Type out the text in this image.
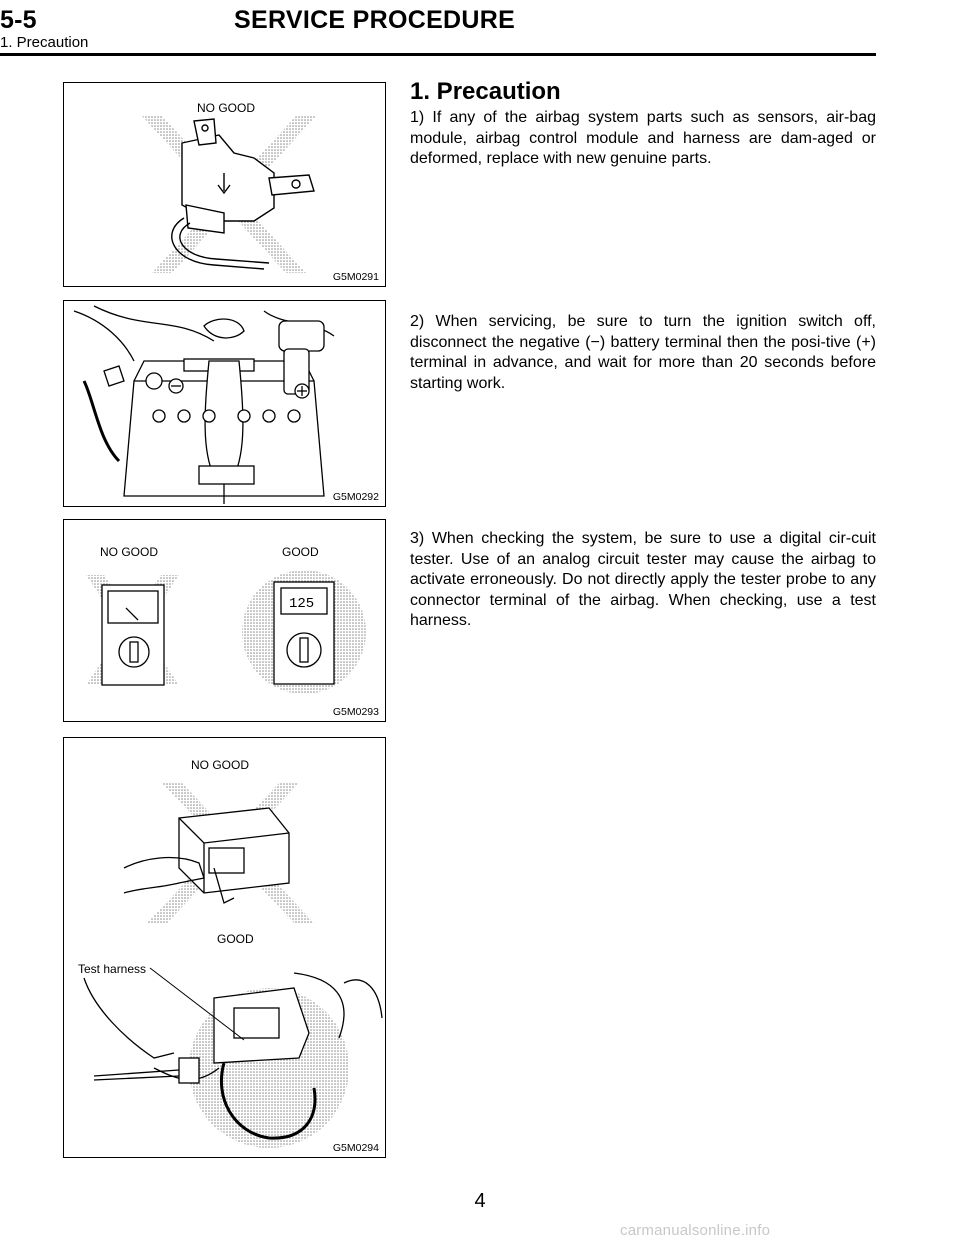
5-5	SERVICE PROCEDURE
1. Precaution
NO GOOD
G5M0291
G5M0292
125
NO GOOD	GOOD
G5M0293
NO GOOD
GOOD
Test harness
G5M0294
1. Precaution

1) If any of the airbag system parts such as sensors, air-bag module, airbag control module and harness are dam-aged or deformed, replace with new genuine parts.

2) When servicing, be sure to turn the ignition switch off, disconnect the negative (−) battery terminal then the posi-tive (+) terminal in advance, and wait for more than 20 seconds before starting work.

3) When checking the system, be sure to use a digital cir-cuit tester. Use of an analog circuit tester may cause the airbag to activate erroneously. Do not directly apply the tester probe to any connector terminal of the airbag. When checking, use a test harness.

4
carmanualsonline.info
